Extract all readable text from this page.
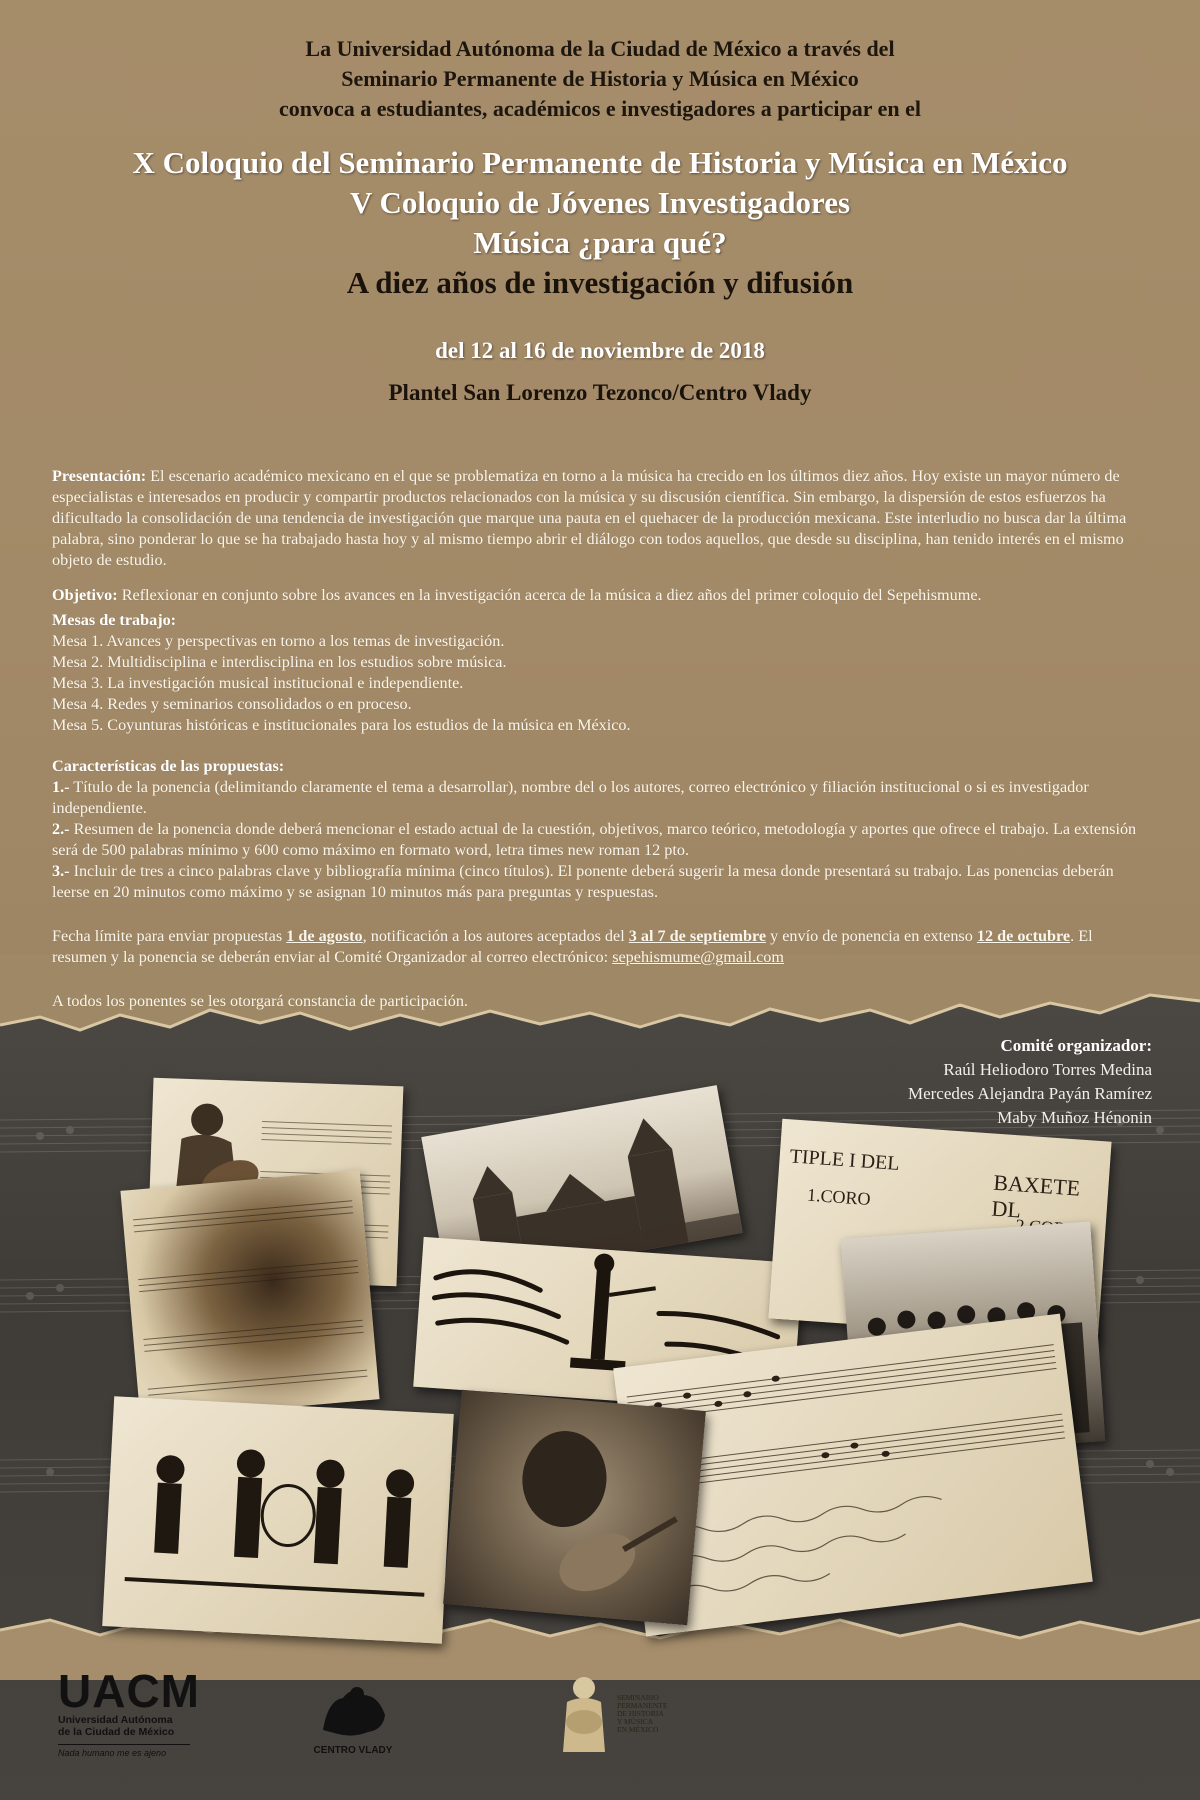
La Universidad Autónoma de la Ciudad de México a través del
Seminario Permanente de Historia y Música en México
convoca a estudiantes, académicos e investigadores a participar en el
X Coloquio del Seminario Permanente de Historia y Música en México
V Coloquio de Jóvenes Investigadores
Música ¿para qué?
A diez años de investigación y difusión
del 12 al 16 de noviembre de 2018
Plantel San Lorenzo Tezonco/Centro Vlady

Presentación: El escenario académico mexicano en el que se problematiza en torno a la música ha crecido en los últimos diez años. Hoy existe un mayor número de especialistas e interesados en producir y compartir productos relacionados con la música y su discusión científica. Sin embargo, la dispersión de estos esfuerzos ha dificultado la consolidación de una tendencia de investigación que marque una pauta en el quehacer de la producción mexicana. Este interludio no busca dar la última palabra, sino ponderar lo que se ha trabajado hasta hoy y al mismo tiempo abrir el diálogo con todos aquellos, que desde su disciplina, han tenido interés en el mismo objeto de estudio.

Objetivo: Reflexionar en conjunto sobre los avances en la investigación acerca de la música a diez años del primer coloquio del Sepehismume.

Mesas de trabajo:

Mesa 1. Avances y perspectivas en torno a los temas de investigación.

Mesa 2. Multidisciplina e interdisciplina en los estudios sobre música.

Mesa 3. La investigación musical institucional e independiente.

Mesa 4. Redes y seminarios consolidados o en proceso.

Mesa 5. Coyunturas históricas e institucionales para los estudios de la música en México.

Características de las propuestas:

1.- Título de la ponencia (delimitando claramente el tema a desarrollar), nombre del o los autores, correo electrónico y filiación institucional o si es investigador independiente.

2.- Resumen de la ponencia donde deberá mencionar el estado actual de la cuestión, objetivos, marco teórico, metodología y aportes que ofrece el trabajo. La extensión será de 500 palabras mínimo y 600 como máximo en formato word, letra times new roman 12 pto.

3.- Incluir de tres a cinco palabras clave y bibliografía mínima (cinco títulos). El ponente deberá sugerir la mesa donde presentará su trabajo. Las ponencias deberán leerse en 20 minutos como máximo y se asignan 10 minutos más para preguntas y respuestas.

Fecha límite para enviar propuestas 1 de agosto, notificación a los autores aceptados del 3 al 7 de septiembre y envío de ponencia en extenso 12 de octubre. El resumen y la ponencia se deberán enviar al Comité Organizador al correo electrónico: sepehismume@gmail.com

A todos los ponentes se les otorgará constancia de participación.
Comité organizador:
Raúl Heliodoro Torres Medina
Mercedes Alejandra Payán Ramírez
Maby Muñoz Hénonin
TIPLE I DEL
1.CORO	BAXETE DL
UACM
Universidad Autónoma
de la Ciudad de México
Nada humano me es ajeno	CENTRO VLADY
SEMINARIO
PERMANENTE
DE HISTORIA
Y MÚSICA
EN MÉXICO
